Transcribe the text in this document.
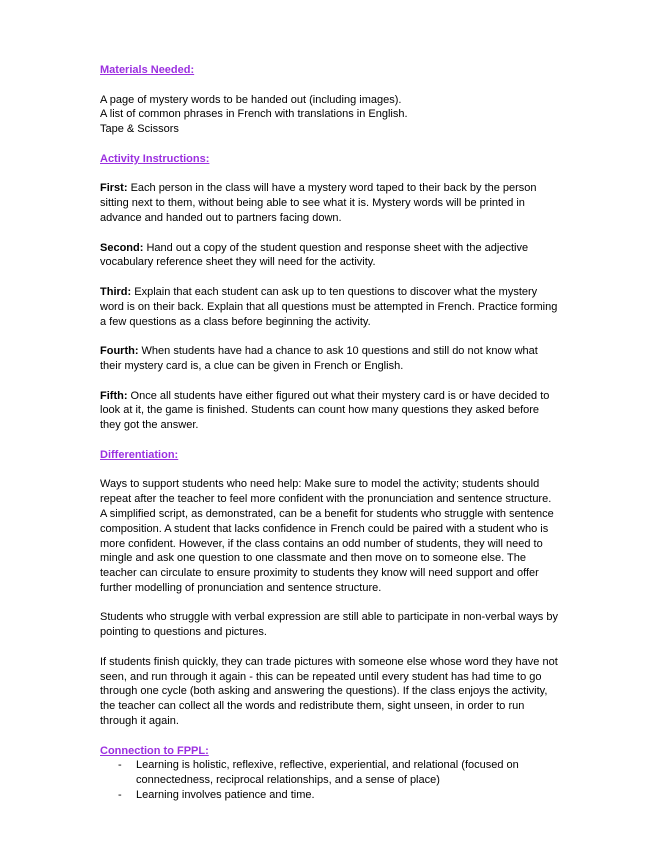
Materials Needed:
A page of mystery words to be handed out (including images).
A list of common phrases in French with translations in English.
Tape & Scissors
Activity Instructions:

First: Each person in the class will have a mystery word taped to their back by the person sitting next to them, without being able to see what it is. Mystery words will be printed in advance and handed out to partners facing down.

Second: Hand out a copy of the student question and response sheet with the adjective vocabulary reference sheet they will need for the activity.

Third: Explain that each student can ask up to ten questions to discover what the mystery word is on their back. Explain that all questions must be attempted in French. Practice forming a few questions as a class before beginning the activity.

Fourth: When students have had a chance to ask 10 questions and still do not know what their mystery card is, a clue can be given in French or English.

Fifth: Once all students have either figured out what their mystery card is or have decided to look at it, the game is finished. Students can count how many questions they asked before they got the answer.

Differentiation:

Ways to support students who need help: Make sure to model the activity; students should repeat after the teacher to feel more confident with the pronunciation and sentence structure. A simplified script, as demonstrated, can be a benefit for students who struggle with sentence composition. A student that lacks confidence in French could be paired with a student who is more confident. However, if the class contains an odd number of students, they will need to mingle and ask one question to one classmate and then move on to someone else. The teacher can circulate to ensure proximity to students they know will need support and offer further modelling of pronunciation and sentence structure.

Students who struggle with verbal expression are still able to participate in non-verbal ways by pointing to questions and pictures.

If students finish quickly, they can trade pictures with someone else whose word they have not seen, and run through it again - this can be repeated until every student has had time to go through one cycle (both asking and answering the questions). If the class enjoys the activity, the teacher can collect all the words and redistribute them, sight unseen, in order to run through it again.

Connection to FPPL:
- Learning is holistic, reflexive, reflective, experiential, and relational (focused on connectedness, reciprocal relationships, and a sense of place)
- Learning involves patience and time.
